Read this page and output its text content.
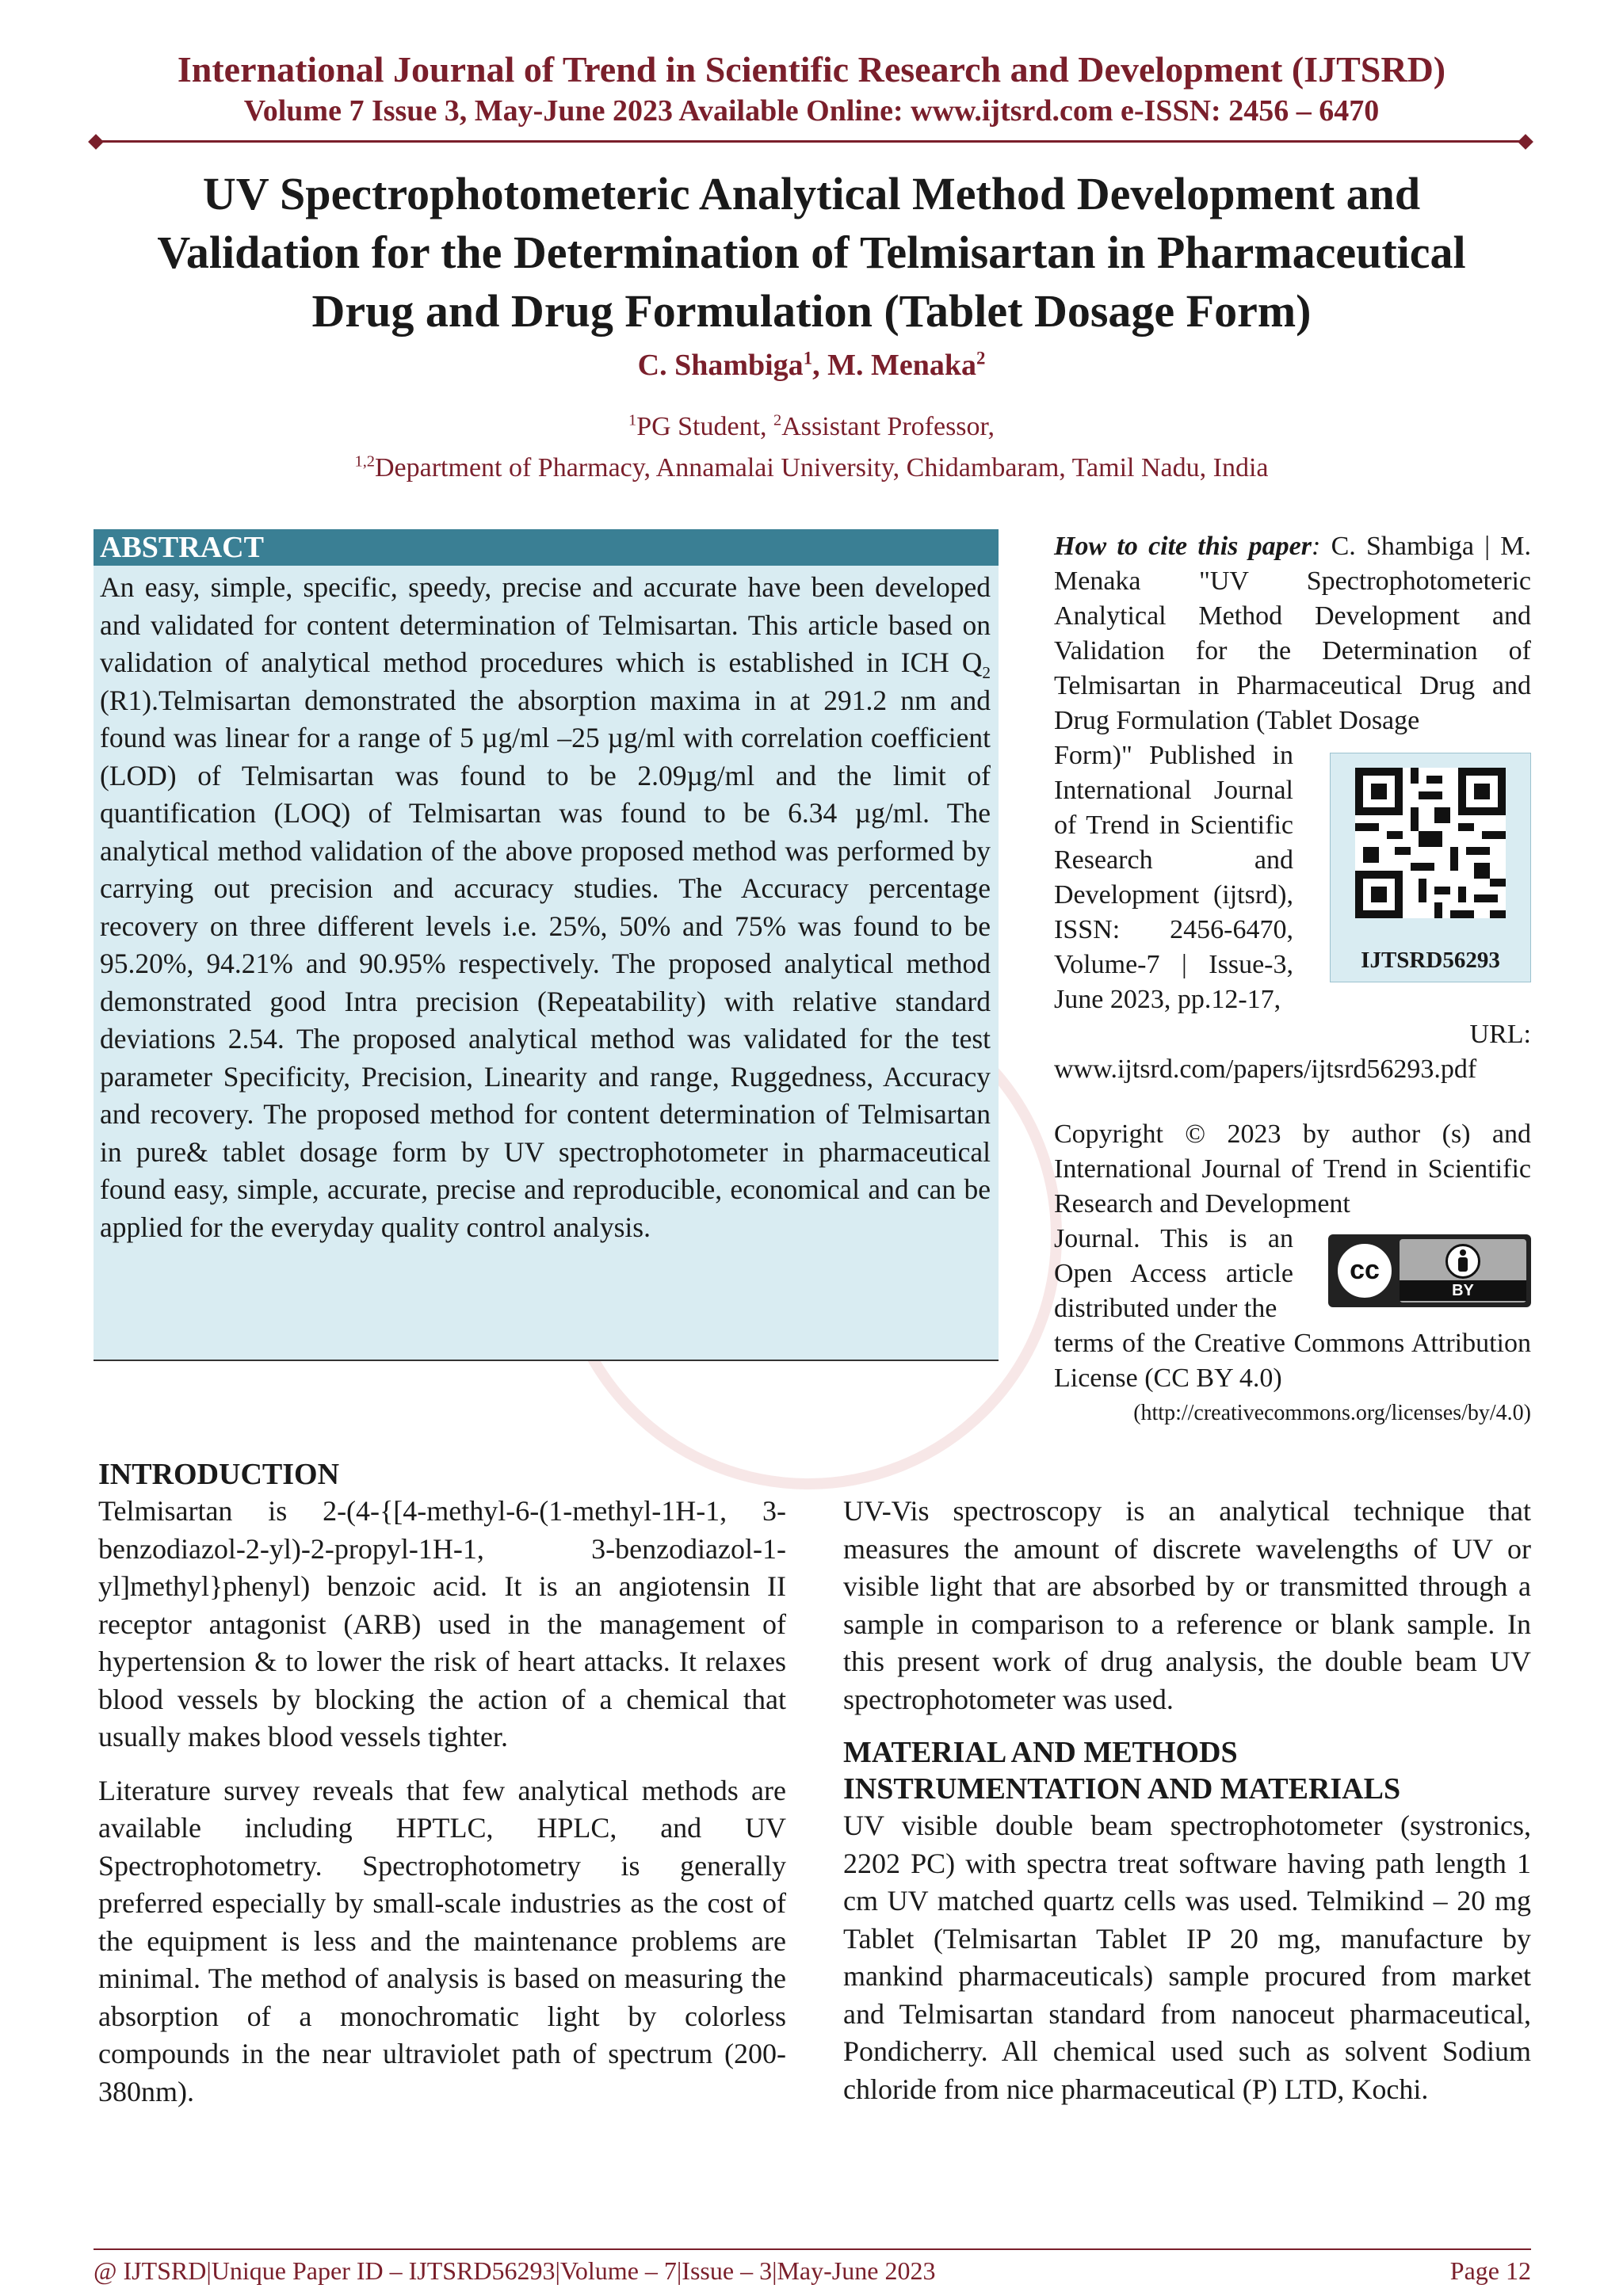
International Journal of Trend in Scientific Research and Development (IJTSRD)
Volume 7 Issue 3, May-June 2023 Available Online: www.ijtsrd.com e-ISSN: 2456 – 6470
UV Spectrophotometeric Analytical Method Development and
Validation for the Determination of Telmisartan in Pharmaceutical
Drug and Drug Formulation (Tablet Dosage Form)
C. Shambiga$^1$, M. Menaka$^2$
$^1$PG Student, $^2$Assistant Professor,
$^{1,2}$Department of Pharmacy, Annamalai University, Chidambaram, Tamil Nadu, India
ABSTRACT
An easy, simple, specific, speedy, precise and accurate have been developed and validated for content determination of Telmisartan. This article based on validation of analytical method procedures which is established in ICH $Q_2$ (R1).Telmisartan demonstrated the absorption maxima in at 291.2 nm and found was linear for a range of 5 µg/ml –25 µg/ml with correlation coefficient (LOD) of Telmisartan was found to be 2.09µg/ml and the limit of quantification (LOQ) of Telmisartan was found to be 6.34 µg/ml. The analytical method validation of the above proposed method was performed by carrying out precision and accuracy studies. The Accuracy percentage recovery on three different levels i.e. 25%, 50% and 75% was found to be 95.20%, 94.21% and 90.95% respectively. The proposed analytical method demonstrated good Intra precision (Repeatability) with relative standard deviations 2.54. The proposed analytical method was validated for the test parameter Specificity, Precision, Linearity and range, Ruggedness, Accuracy and recovery. The proposed method for content determination of Telmisartan in pure& tablet dosage form by UV spectrophotometer in pharmaceutical found easy, simple, accurate, precise and reproducible, economical and can be applied for the everyday quality control analysis.
How to cite this paper: C. Shambiga | M. Menaka "UV Spectrophotometeric Analytical Method Development and Validation for the Determination of Telmisartan in Pharmaceutical Drug and Drug Formulation (Tablet Dosage
Form)" Published in International Journal of Trend in Scientific Research and Development (ijtsrd), ISSN: 2456-6470, Volume-7 | Issue-3, June 2023, pp.12-17,
URL:
www.ijtsrd.com/papers/ijtsrd56293.pdf
IJTSRD56293
Copyright © 2023 by author (s) and International Journal of Trend in Scientific Research and Development
Journal. This is an Open Access article distributed under the
terms of the Creative Commons Attribution License (CC BY 4.0)
(http://creativecommons.org/licenses/by/4.0)
cc
BY
INTRODUCTION
Telmisartan is 2-(4-{[4-methyl-6-(1-methyl-1H-1, 3-benzodiazol-2-yl)-2-propyl-1H-1, 3-benzodiazol-1-yl]methyl}phenyl) benzoic acid. It is an angiotensin II receptor antagonist (ARB) used in the management of hypertension & to lower the risk of heart attacks. It relaxes blood vessels by blocking the action of a chemical that usually makes blood vessels tighter.
Literature survey reveals that few analytical methods are available including HPTLC, HPLC, and UV Spectrophotometry. Spectrophotometry is generally preferred especially by small-scale industries as the cost of the equipment is less and the maintenance problems are minimal. The method of analysis is based on measuring the absorption of a monochromatic light by colorless compounds in the near ultraviolet path of spectrum (200-380nm).
UV-Vis spectroscopy is an analytical technique that measures the amount of discrete wavelengths of UV or visible light that are absorbed by or transmitted through a sample in comparison to a reference or blank sample. In this present work of drug analysis, the double beam UV spectrophotometer was used.
MATERIAL AND METHODS
INSTRUMENTATION AND MATERIALS
UV visible double beam spectrophotometer (systronics, 2202 PC) with spectra treat software having path length 1 cm UV matched quartz cells was used. Telmikind – 20 mg Tablet (Telmisartan Tablet IP 20 mg, manufacture by mankind pharmaceuticals) sample procured from market and Telmisartan standard from nanoceut pharmaceutical, Pondicherry. All chemical used such as solvent Sodium chloride from nice pharmaceutical (P) LTD, Kochi.
@ IJTSRD | Unique Paper ID – IJTSRD56293 | Volume – 7 | Issue – 3 | May-June 2023	Page 12
